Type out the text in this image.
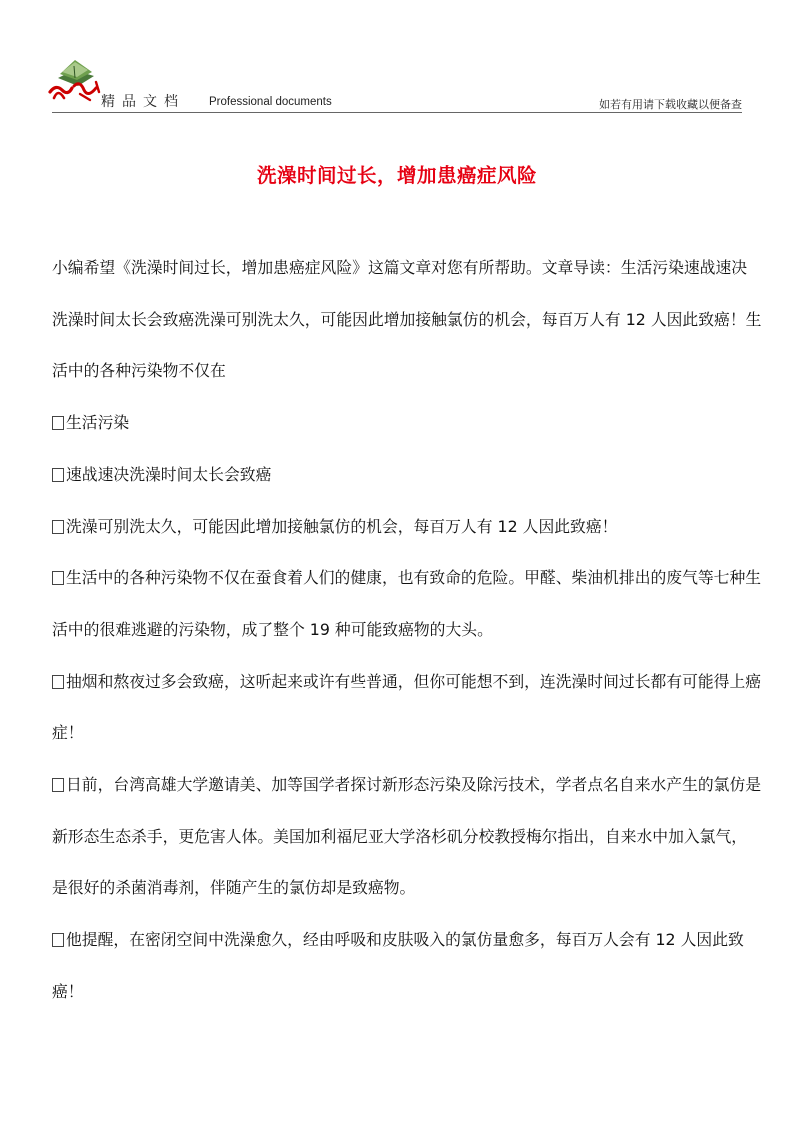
精品文档 Professional documents	如若有用请下载收藏以便备查
洗澡时间过长，增加患癌症风险

小编希望《洗澡时间过长，增加患癌症风险》这篇文章对您有所帮助。文章导读：生活污染速战速决洗澡时间太长会致癌洗澡可别洗太久，可能因此增加接触氯仿的机会，每百万人有 12 人因此致癌！生活中的各种污染物不仅在

生活污染

速战速决洗澡时间太长会致癌

洗澡可别洗太久，可能因此增加接触氯仿的机会，每百万人有 12 人因此致癌！

生活中的各种污染物不仅在蚕食着人们的健康，也有致命的危险。甲醛、柴油机排出的废气等七种生活中的很难逃避的污染物，成了整个 19 种可能致癌物的大头。

抽烟和熬夜过多会致癌，这听起来或许有些普通，但你可能想不到，连洗澡时间过长都有可能得上癌症！

日前，台湾高雄大学邀请美、加等国学者探讨新形态污染及除污技术，学者点名自来水产生的氯仿是新形态生态杀手，更危害人体。美国加利福尼亚大学洛杉矶分校教授梅尔指出，自来水中加入氯气，是很好的杀菌消毒剂，伴随产生的氯仿却是致癌物。

他提醒，在密闭空间中洗澡愈久，经由呼吸和皮肤吸入的氯仿量愈多，每百万人会有 12 人因此致癌！
